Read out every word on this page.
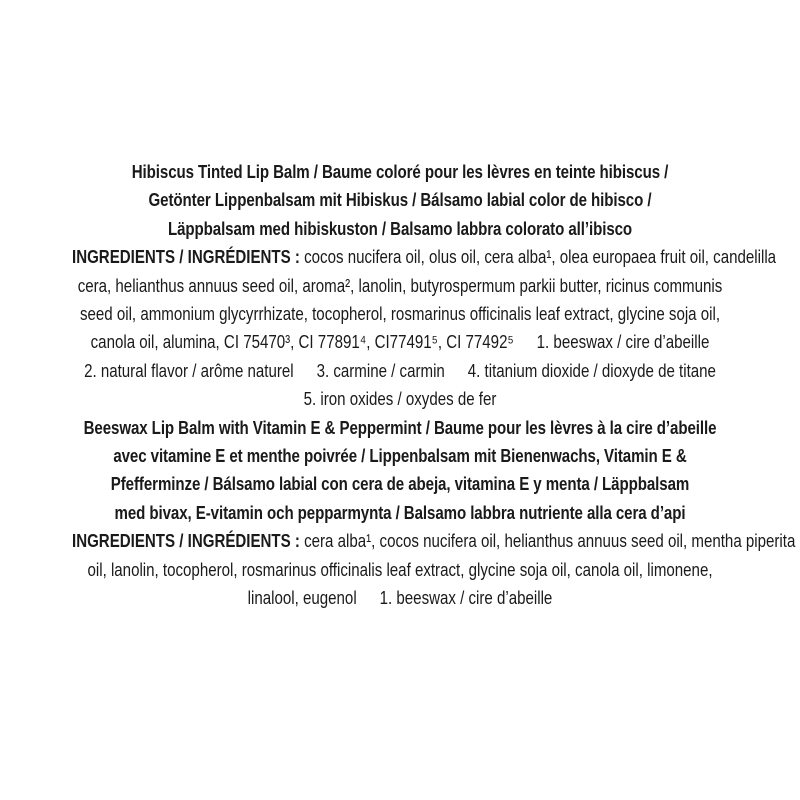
Hibiscus Tinted Lip Balm / Baume coloré pour les lèvres en teinte hibiscus /
Getönter Lippenbalsam mit Hibiskus / Bálsamo labial color de hibisco /
Läppbalsam med hibiskuston / Balsamo labbra colorato all’ibisco
INGREDIENTS / INGRÉDIENTS : cocos nucifera oil, olus oil, cera alba¹, olea europaea fruit oil, candelilla
cera, helianthus annuus seed oil, aroma², lanolin, butyrospermum parkii butter, ricinus communis
seed oil, ammonium glycyrrhizate, tocopherol, rosmarinus officinalis leaf extract, glycine soja oil,
canola oil, alumina, CI 75470³, CI 77891⁴, CI77491⁵, CI 77492⁵ 1. beeswax / cire d’abeille
2. natural flavor / arôme naturel 3. carmine / carmin 4. titanium dioxide / dioxyde de titane
5. iron oxides / oxydes de fer
Beeswax Lip Balm with Vitamin E & Peppermint / Baume pour les lèvres à la cire d’abeille
avec vitamine E et menthe poivrée / Lippenbalsam mit Bienenwachs, Vitamin E &
Pfefferminze / Bálsamo labial con cera de abeja, vitamina E y menta / Läppbalsam
med bivax, E-vitamin och pepparmynta / Balsamo labbra nutriente alla cera d’api
INGREDIENTS / INGRÉDIENTS : cera alba¹, cocos nucifera oil, helianthus annuus seed oil, mentha piperita
oil, lanolin, tocopherol, rosmarinus officinalis leaf extract, glycine soja oil, canola oil, limonene,
linalool, eugenol 1. beeswax / cire d’abeille
